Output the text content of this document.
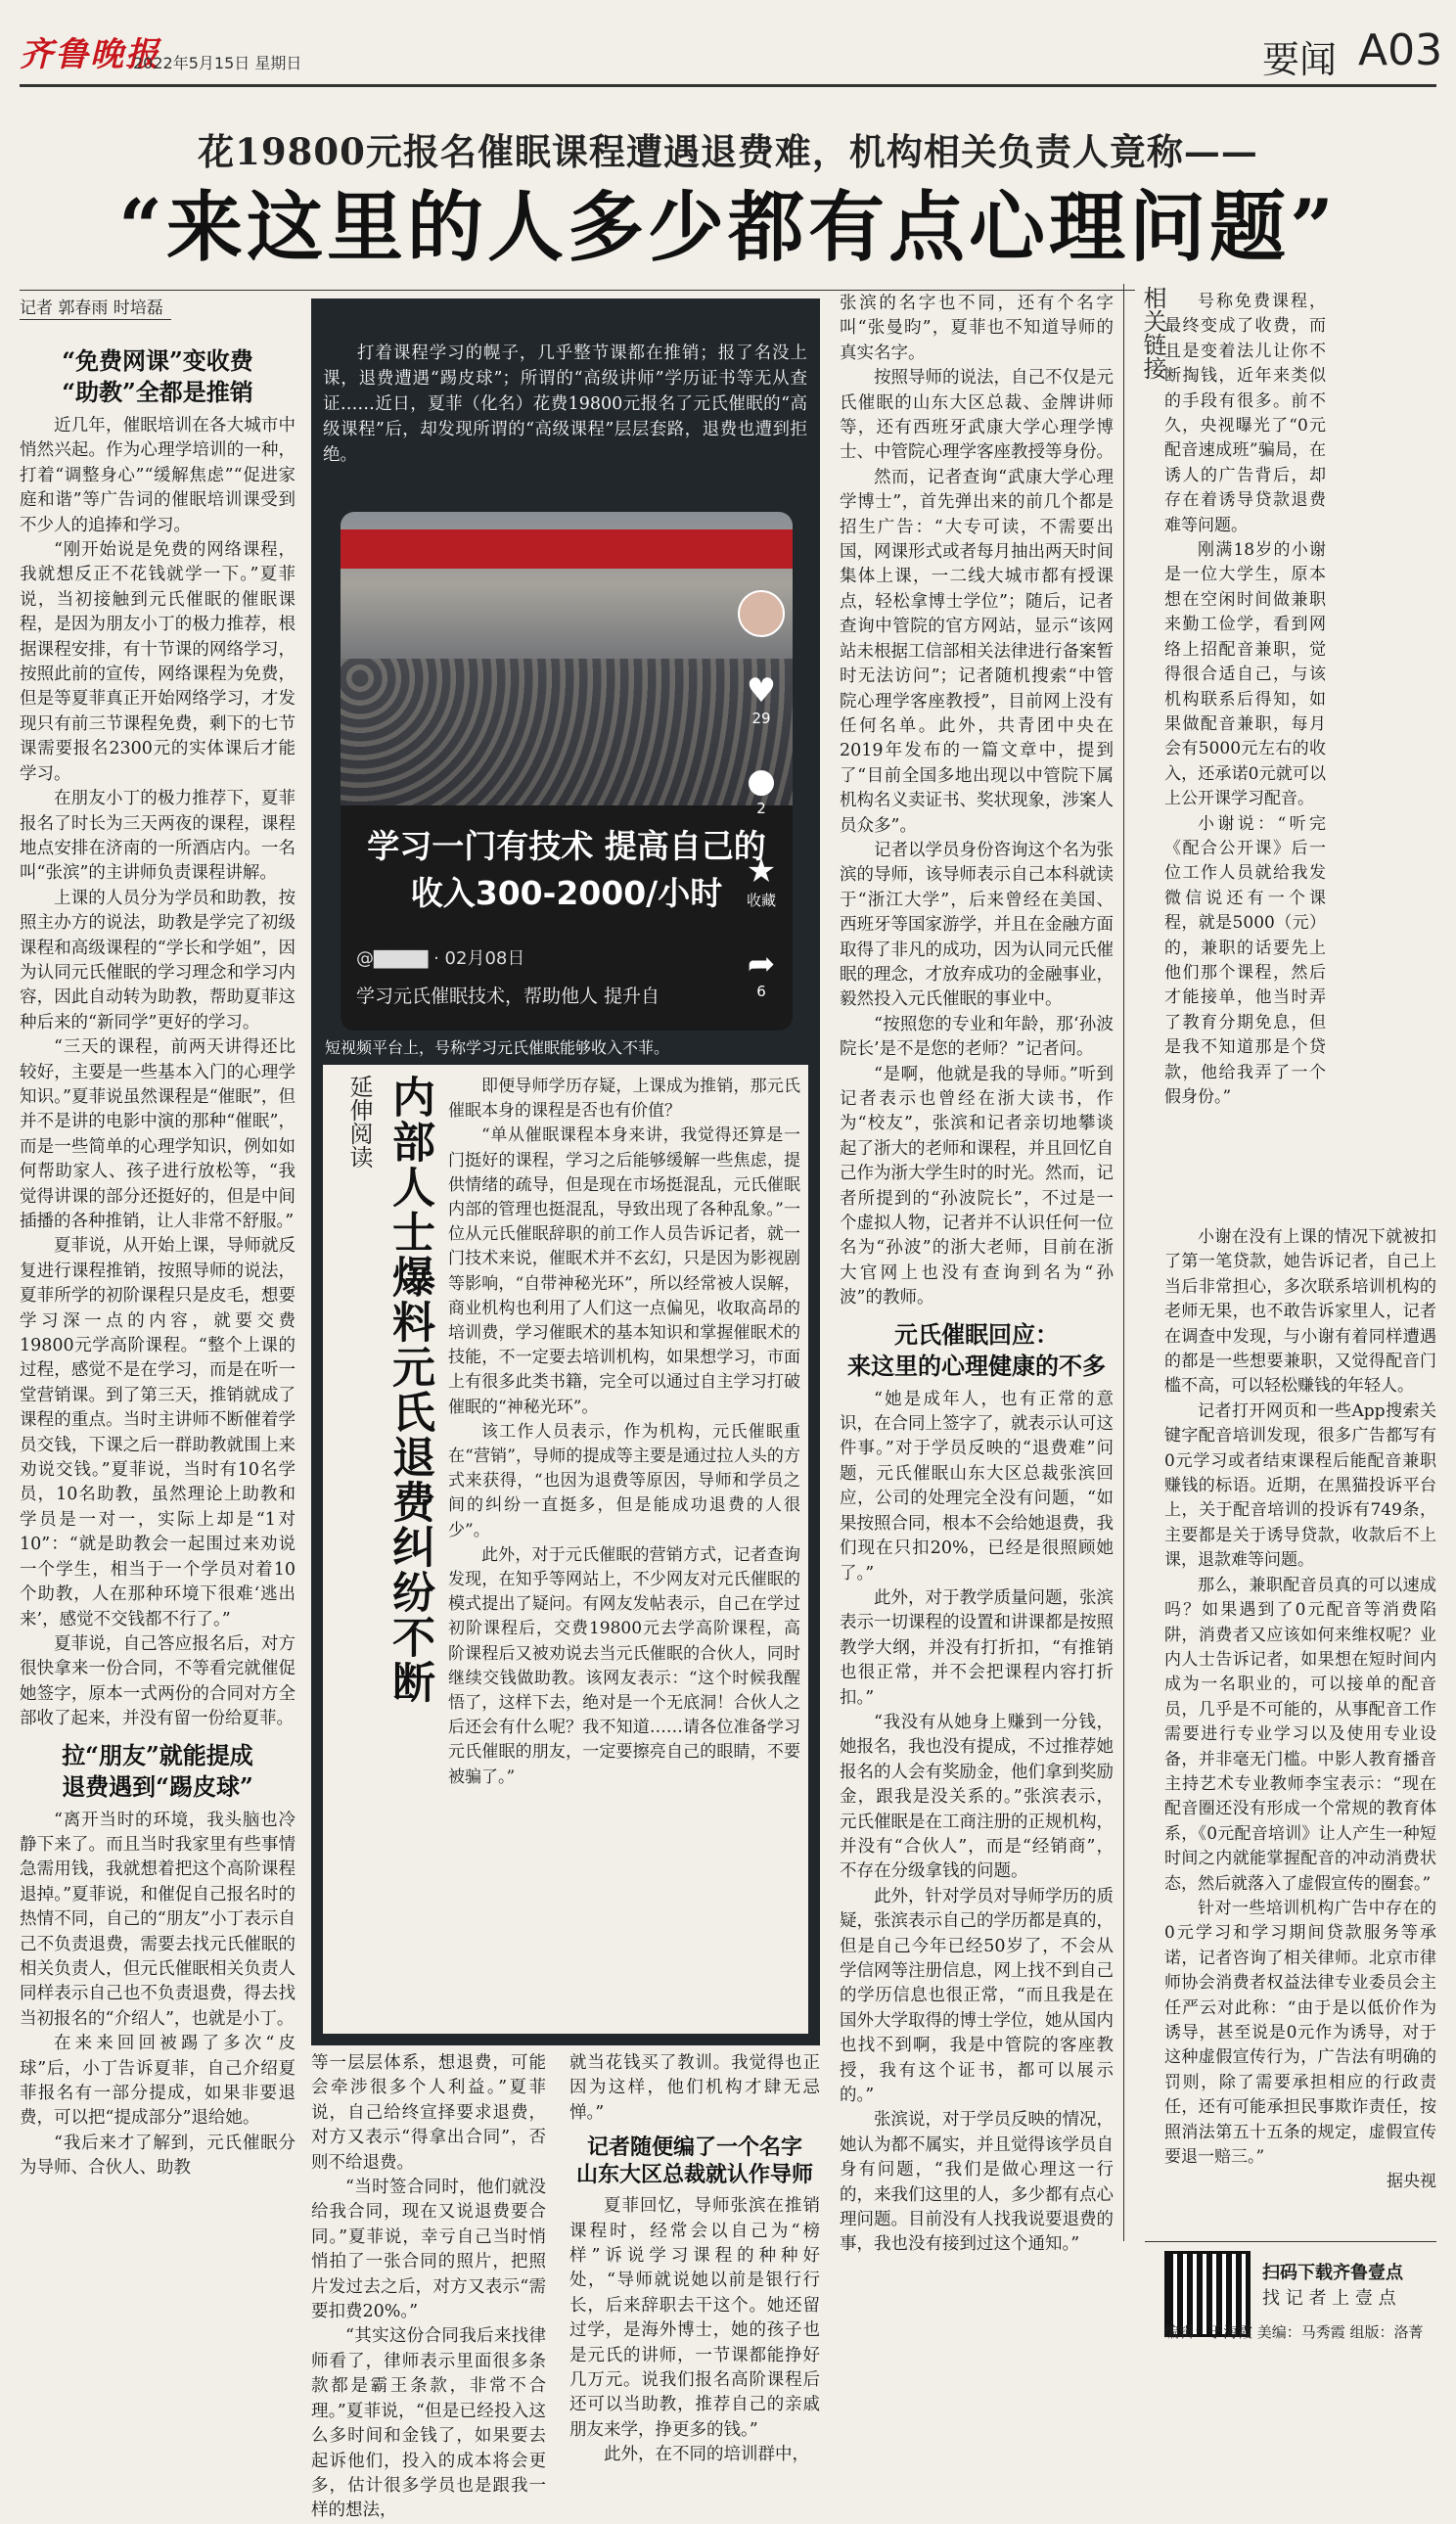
齐鲁晚报
2022年5月15日 星期日	要闻 A03
花19800元报名催眠课程遭遇退费难，机构相关负责人竟称——
“来这里的人多少都有点心理问题”
记者 郭春雨 时培磊
“免费网课”变收费
“助教”全都是推销

近几年，催眠培训在各大城市中悄然兴起。作为心理学培训的一种，打着“调整身心”“缓解焦虑”“促进家庭和谐”等广告词的催眠培训课受到不少人的追捧和学习。

“刚开始说是免费的网络课程，我就想反正不花钱就学一下。”夏菲说，当初接触到元氏催眠的催眠课程，是因为朋友小丁的极力推荐，根据课程安排，有十节课的网络学习，按照此前的宣传，网络课程为免费，但是等夏菲真正开始网络学习，才发现只有前三节课程免费，剩下的七节课需要报名2300元的实体课后才能学习。

在朋友小丁的极力推荐下，夏菲报名了时长为三天两夜的课程，课程地点安排在济南的一所酒店内。一名叫“张滨”的主讲师负责课程讲解。

上课的人员分为学员和助教，按照主办方的说法，助教是学完了初级课程和高级课程的“学长和学姐”，因为认同元氏催眠的学习理念和学习内容，因此自动转为助教，帮助夏菲这种后来的“新同学”更好的学习。

“三天的课程，前两天讲得还比较好，主要是一些基本入门的心理学知识。”夏菲说虽然课程是“催眠”，但并不是讲的电影中演的那种“催眠”，而是一些简单的心理学知识，例如如何帮助家人、孩子进行放松等，“我觉得讲课的部分还挺好的，但是中间插播的各种推销，让人非常不舒服。”

夏菲说，从开始上课，导师就反复进行课程推销，按照导师的说法，夏菲所学的初阶课程只是皮毛，想要学习深一点的内容，就要交费19800元学高阶课程。“整个上课的过程，感觉不是在学习，而是在听一堂营销课。到了第三天，推销就成了课程的重点。当时主讲师不断催着学员交钱，下课之后一群助教就围上来劝说交钱。”夏菲说，当时有10名学员，10名助教，虽然理论上助教和学员是一对一，实际上却是“1对10”：“就是助教会一起围过来劝说一个学生，相当于一个学员对着10个助教，人在那种环境下很难‘逃出来’，感觉不交钱都不行了。”

夏菲说，自己答应报名后，对方很快拿来一份合同，不等看完就催促她签字，原本一式两份的合同对方全部收了起来，并没有留一份给夏菲。

拉“朋友”就能提成
退费遇到“踢皮球”

“离开当时的环境，我头脑也冷静下来了。而且当时我家里有些事情急需用钱，我就想着把这个高阶课程退掉。”夏菲说，和催促自己报名时的热情不同，自己的“朋友”小丁表示自己不负责退费，需要去找元氏催眠的相关负责人，但元氏催眠相关负责人同样表示自己也不负责退费，得去找当初报名的“介绍人”，也就是小丁。

在来来回回被踢了多次“皮球”后，小丁告诉夏菲，自己介绍夏菲报名有一部分提成，如果非要退费，可以把“提成部分”退给她。

“我后来才了解到，元氏催眠分为导师、合伙人、助教

打着课程学习的幌子，几乎整节课都在推销；报了名没上课，退费遭遇“踢皮球”；所谓的“高级讲师”学历证书等无从查证……近日，夏菲（化名）花费19800元报名了元氏催眠的“高级课程”后，却发现所谓的“高级课程”层层套路，退费也遭到拒绝。

♥
29
●
2
★
收藏
➦
6
学习一门有技术 提高自己的
收入300-2000/小时
@▇▇▇▇ · 02月08日
学习元氏催眠技术，帮助他人 提升自
短视频平台上，号称学习元氏催眠能够收入不菲。
延伸阅读 内部人士爆料元氏退费纠纷不断	即便导师学历存疑，上课成为推销，那元氏催眠本身的课程是否也有价值？

“单从催眠课程本身来讲，我觉得还算是一门挺好的课程，学习之后能够缓解一些焦虑，提供情绪的疏导，但是现在市场挺混乱，元氏催眠内部的管理也挺混乱，导致出现了各种乱象。”一位从元氏催眠辞职的前工作人员告诉记者，就一门技术来说，催眠术并不玄幻，只是因为影视剧等影响，“自带神秘光环”，所以经常被人误解，商业机构也利用了人们这一点偏见，收取高昂的培训费，学习催眠术的基本知识和掌握催眠术的技能，不一定要去培训机构，如果想学习，市面上有很多此类书籍，完全可以通过自主学习打破催眠的“神秘光环”。

该工作人员表示，作为机构，元氏催眠重在“营销”，导师的提成等主要是通过拉人头的方式来获得，“也因为退费等原因，导师和学员之间的纠纷一直挺多，但是能成功退费的人很少”。

此外，对于元氏催眠的营销方式，记者查询发现，在知乎等网站上，不少网友对元氏催眠的模式提出了疑问。有网友发帖表示，自己在学过初阶课程后，交费19800元去学高阶课程，高阶课程后又被劝说去当元氏催眠的合伙人，同时继续交钱做助教。该网友表示：“这个时候我醒悟了，这样下去，绝对是一个无底洞！合伙人之后还会有什么呢？我不知道……请各位准备学习元氏催眠的朋友，一定要擦亮自己的眼睛，不要被骗了。”

等一层层体系，想退费，可能会牵涉很多个人利益。”夏菲说，自己给终宣择要求退费，对方又表示“得拿出合同”，否则不给退费。

“当时签合同时，他们就没给我合同，现在又说退费要合同。”夏菲说，幸亏自己当时悄悄拍了一张合同的照片，把照片发过去之后，对方又表示“需要扣费20%。”

“其实这份合同我后来找律师看了，律师表示里面很多条款都是霸王条款，非常不合理。”夏菲说，“但是已经投入这么多时间和金钱了，如果要去起诉他们，投入的成本将会更多，估计很多学员也是跟我一样的想法，

就当花钱买了教训。我觉得也正因为这样，他们机构才肆无忌惮。”

记者随便编了一个名字
山东大区总裁就认作导师

夏菲回忆，导师张滨在推销课程时，经常会以自己为“榜样”诉说学习课程的种种好处，“导师就说她以前是银行行长，后来辞职去干这个。她还留过学，是海外博士，她的孩子也是元氏的讲师，一节课都能挣好几万元。说我们报名高阶课程后还可以当助教，推荐自己的亲戚朋友来学，挣更多的钱。”

此外，在不同的培训群中，

张滨的名字也不同，还有个名字叫“张曼昀”，夏菲也不知道导师的真实名字。

按照导师的说法，自己不仅是元氏催眠的山东大区总裁、金牌讲师等，还有西班牙武康大学心理学博士、中管院心理学客座教授等身份。

然而，记者查询“武康大学心理学博士”，首先弹出来的前几个都是招生广告：“大专可读，不需要出国，网课形式或者每月抽出两天时间集体上课，一二线大城市都有授课点，轻松拿博士学位”；随后，记者查询中管院的官方网站，显示“该网站未根据工信部相关法律进行备案暂时无法访问”；记者随机搜索“中管院心理学客座教授”，目前网上没有任何名单。此外，共青团中央在2019年发布的一篇文章中，提到了“目前全国多地出现以中管院下属机构名义卖证书、奖状现象，涉案人员众多”。

记者以学员身份咨询这个名为张滨的导师，该导师表示自己本科就读于“浙江大学”，后来曾经在美国、西班牙等国家游学，并且在金融方面取得了非凡的成功，因为认同元氏催眠的理念，才放弃成功的金融事业，毅然投入元氏催眠的事业中。

“按照您的专业和年龄，那‘孙波院长’是不是您的老师？”记者问。

“是啊，他就是我的导师。”听到记者表示也曾经在浙大读书，作为“校友”，张滨和记者亲切地攀谈起了浙大的老师和课程，并且回忆自己作为浙大学生时的时光。然而，记者所提到的“孙波院长”，不过是一个虚拟人物，记者并不认识任何一位名为“孙波”的浙大老师，目前在浙大官网上也没有查询到名为“孙波”的教师。

元氏催眠回应：
来这里的心理健康的不多

“她是成年人，也有正常的意识，在合同上签字了，就表示认可这件事。”对于学员反映的“退费难”问题，元氏催眠山东大区总裁张滨回应，公司的处理完全没有问题，“如果按照合同，根本不会给她退费，我们现在只扣20%，已经是很照顾她了。”

此外，对于教学质量问题，张滨表示一切课程的设置和讲课都是按照教学大纲，并没有打折扣，“有推销也很正常，并不会把课程内容打折扣。”

“我没有从她身上赚到一分钱，她报名，我也没有提成，不过推荐她报名的人会有奖励金，他们拿到奖励金，跟我是没关系的。”张滨表示，元氏催眠是在工商注册的正规机构，并没有“合伙人”，而是“经销商”，不存在分级拿钱的问题。

此外，针对学员对导师学历的质疑，张滨表示自己的学历都是真的，但是自己今年已经50岁了，不会从学信网等注册信息，网上找不到自己的学历信息也很正常，“而且我是在国外大学取得的博士学位，她从国内也找不到啊，我是中管院的客座教授，我有这个证书，都可以展示的。”

张滨说，对于学员反映的情况，她认为都不属实，并且觉得该学员自身有问题，“我们是做心理这一行的，来我们这里的人，多少都有点心理问题。目前没有人找我说要退费的事，我也没有接到过这个通知。”

相关链接	号称免费课程，最终变成了收费，而且是变着法儿让你不断掏钱，近年来类似的手段有很多。前不久，央视曝光了“0元配音速成班”骗局，在诱人的广告背后，却存在着诱导贷款退费难等问题。

刚满18岁的小谢是一位大学生，原本想在空闲时间做兼职来勤工俭学，看到网络上招配音兼职，觉得很合适自己，与该机构联系后得知，如果做配音兼职，每月会有5000元左右的收入，还承诺0元就可以上公开课学习配音。

小谢说：“听完《配合公开课》后一位工作人员就给我发微信说还有一个课程，就是5000（元）的，兼职的话要先上他们那个课程，然后才能接单，他当时弄了教育分期免息，但是我不知道那是个贷款，他给我弄了一个假身份。”

小谢在没有上课的情况下就被扣了第一笔贷款，她告诉记者，自己上当后非常担心，多次联系培训机构的老师无果，也不敢告诉家里人，记者在调查中发现，与小谢有着同样遭遇的都是一些想要兼职，又觉得配音门槛不高，可以轻松赚钱的年轻人。

记者打开网页和一些App搜索关键字配音培训发现，很多广告都写有0元学习或者结束课程后能配音兼职赚钱的标语。近期，在黑猫投诉平台上，关于配音培训的投诉有749条，主要都是关于诱导贷款，收款后不上课，退款难等问题。

那么，兼职配音员真的可以速成吗？如果遇到了0元配音等消费陷阱，消费者又应该如何来维权呢？业内人士告诉记者，如果想在短时间内成为一名职业的，可以接单的配音员，几乎是不可能的，从事配音工作需要进行专业学习以及使用专业设备，并非毫无门槛。中影人教育播音主持艺术专业教师李宝表示：“现在配音圈还没有形成一个常规的教育体系，《0元配音培训》让人产生一种短时间之内就能掌握配音的冲动消费状态，然后就落入了虚假宣传的圈套。”

针对一些培训机构广告中存在的0元学习和学习期间贷款服务等承诺，记者咨询了相关律师。北京市律师协会消费者权益法律专业委员会主任严云对此称：“由于是以低价作为诱导，甚至说是0元作为诱导，对于这种虚假宣传行为，广告法有明确的罚则，除了需要承担相应的行政责任，还有可能承担民事欺诈责任，按照消法第五十五条的规定，虚假宣传要退一赔三。”

据央视
扫码下载齐鲁壹点
找 记 者 上 壹 点
编辑：于海霞 美编：马秀霞 组版：洛菁
